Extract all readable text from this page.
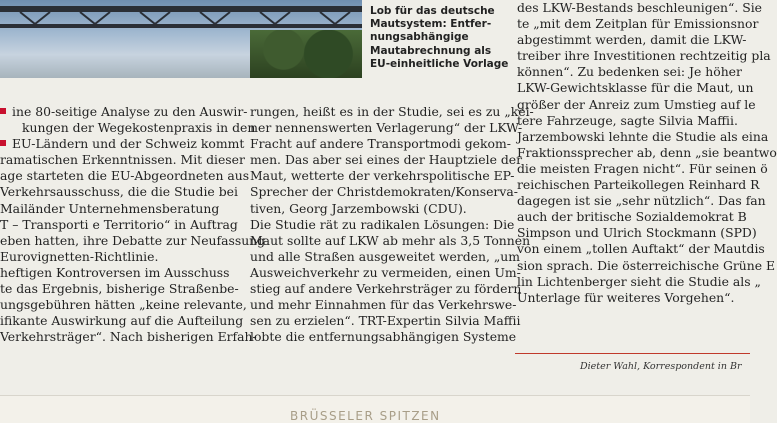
Lob für das deutsche
Mautsystem: Entfer-
nungsabhängige
Mautabrechnung als
EU-einheitliche Vorlage

ine 80-seitige Analyse zu den Auswir-

kungen der Wegekostenpraxis in den

EU-Ländern und der Schweiz kommt

ramatischen Erkenntnissen. Mit dieser

age starteten die EU-Abgeordneten aus

Verkehrsausschuss, die die Studie bei

Mailänder Unternehmensberatung

T – Transporti e Territorio“ in Auftrag

eben hatten, ihre Debatte zur Neufassung

Eurovignetten-Richtlinie.

heftigen Kontroversen im Ausschuss

te das Ergebnis, bisherige Straßenbe-

ungsgebühren hätten „keine relevante,

ifikante Auswirkung auf die Aufteilung

Verkehrsträger“. Nach bisherigen Erfah-

rungen, heißt es in der Studie, sei es zu „kei-

ner nennenswerten Verlagerung“ der LKW-

Fracht auf andere Transportmodi gekom-

men. Das aber sei eines der Hauptziele der

Maut, wetterte der verkehrspolitische EP-

Sprecher der Christdemokraten/Konserva-

tiven, Georg Jarzembowski (CDU).

Die Studie rät zu radikalen Lösungen: Die

Maut sollte auf LKW ab mehr als 3,5 Tonnen

und alle Straßen ausgeweitet werden, „um

Ausweichverkehr zu vermeiden, einen Um-

stieg auf andere Verkehrsträger zu fördern

und mehr Einnahmen für das Verkehrswe-

sen zu erzielen“. TRT-Expertin Silvia Maffii

lobte die entfernungsabhängigen Systeme

des LKW-Bestands beschleunigen“. Sie

te „mit dem Zeitplan für Emissionsnor

abgestimmt werden, damit die LKW-

treiber ihre Investitionen rechtzeitig pla

können“. Zu bedenken sei: Je höher

LKW-Gewichtsklasse für die Maut, un

größer der Anreiz zum Umstieg auf le

tere Fahrzeuge, sagte Silvia Maffii.

Jarzembowski lehnte die Studie als eina

Fraktionssprecher ab, denn „sie beantwo

die meisten Fragen nicht“. Für seinen ö

reichischen Parteikollegen Reinhard R

dagegen ist sie „sehr nützlich“. Das fan

auch der britische Sozialdemokrat B

Simpson und Ulrich Stockmann (SPD)

von einem „tollen Auftakt“ der Mautdis

sion sprach. Die österreichische Grüne E

lin Lichtenberger sieht die Studie als „

Unterlage für weiteres Vorgehen“.

Dieter Wahl, Korrespondent in Br
BRÜSSELER SPITZEN
